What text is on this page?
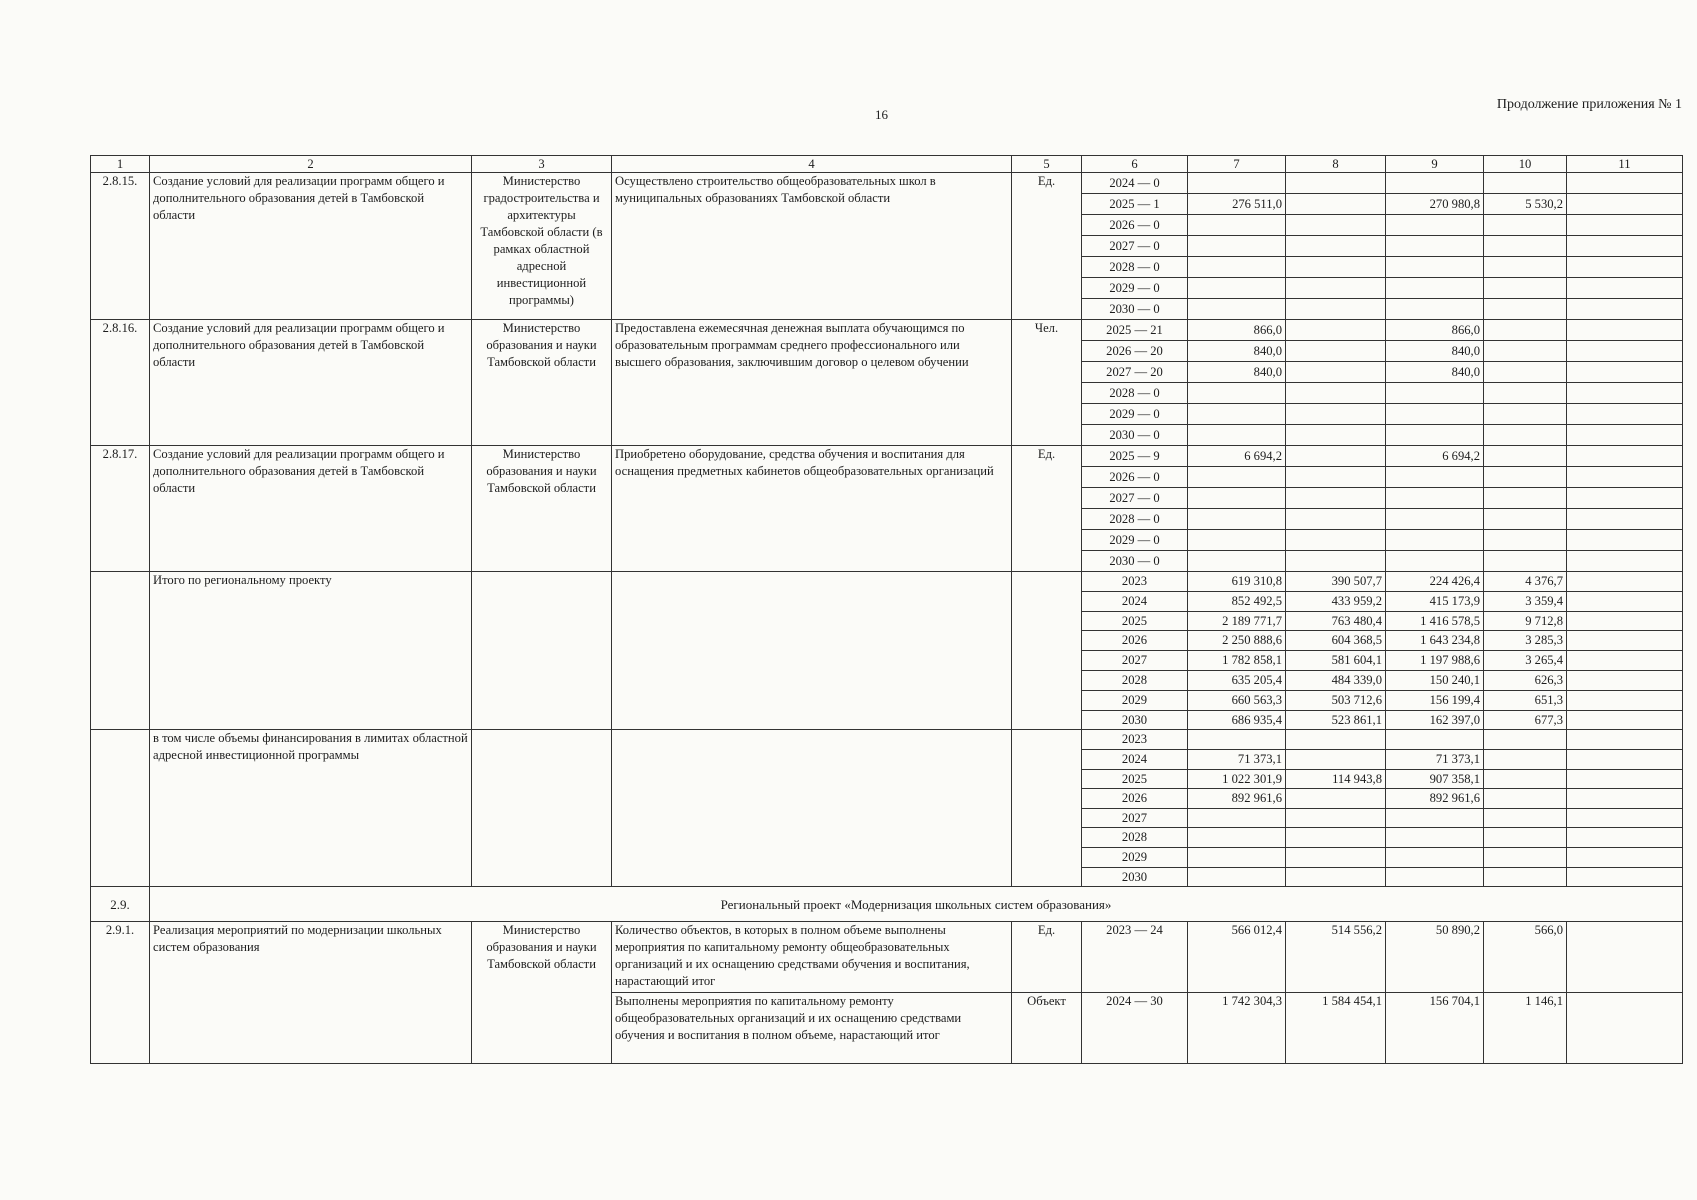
16
Продолжение приложения № 1
1	2	3	4	5	6	7	8	9	10	11
2.8.15.	Создание условий для реализации программ общего и дополнительного образования детей в Тамбовской области	Министерство градостроительства и архитектуры Тамбовской области (в рамках областной адресной инвестиционной программы)	Осуществлено строительство общеобразовательных школ в муниципальных образованиях Тамбовской области	Ед.	2024 — 0					
					2025 — 1	276 511,0		270 980,8	5 530,2	
					2026 — 0					
					2027 — 0					
					2028 — 0					
					2029 — 0					
					2030 — 0					
2.8.16.	Создание условий для реализации программ общего и дополнительного образования детей в Тамбовской области	Министерство образования и науки Тамбовской области	Предоставлена ежемесячная денежная выплата обучающимся по образовательным программам среднего профессионального или высшего образования, заключившим договор о целевом обучении	Чел.	2025 — 21	866,0		866,0		
					2026 — 20	840,0		840,0		
					2027 — 20	840,0		840,0		
					2028 — 0					
					2029 — 0					
					2030 — 0					
2.8.17.	Создание условий для реализации программ общего и дополнительного образования детей в Тамбовской области	Министерство образования и науки Тамбовской области	Приобретено оборудование, средства обучения и воспитания для оснащения предметных кабинетов общеобразовательных организаций	Ед.	2025 — 9	6 694,2		6 694,2		
					2026 — 0					
					2027 — 0					
					2028 — 0					
					2029 — 0					
					2030 — 0					
	Итого по региональному проекту				2023	619 310,8	390 507,7	224 426,4	4 376,7	
					2024	852 492,5	433 959,2	415 173,9	3 359,4	
					2025	2 189 771,7	763 480,4	1 416 578,5	9 712,8	
					2026	2 250 888,6	604 368,5	1 643 234,8	3 285,3	
					2027	1 782 858,1	581 604,1	1 197 988,6	3 265,4	
					2028	635 205,4	484 339,0	150 240,1	626,3	
					2029	660 563,3	503 712,6	156 199,4	651,3	
					2030	686 935,4	523 861,1	162 397,0	677,3	
	в том числе объемы финансирования в лимитах областной адресной инвестиционной программы				2023					
					2024	71 373,1		71 373,1		
					2025	1 022 301,9	114 943,8	907 358,1		
					2026	892 961,6		892 961,6		
					2027					
					2028					
					2029					
					2030					
2.9.	Региональный проект «Модернизация школьных систем образования»									
2.9.1.	Реализация мероприятий по модернизации школьных систем образования	Министерство образования и науки Тамбовской области	Количество объектов, в которых в полном объеме выполнены мероприятия по капитальному ремонту общеобразовательных организаций и их оснащению средствами обучения и воспитания, нарастающий итог	Ед.	2023 — 24	566 012,4	514 556,2	50 890,2	566,0	
			Выполнены мероприятия по капитальному ремонту общеобразовательных организаций и их оснащению средствами обучения и воспитания в полном объеме, нарастающий итог	Объект	2024 — 30	1 742 304,3	1 584 454,1	156 704,1	1 146,1	
